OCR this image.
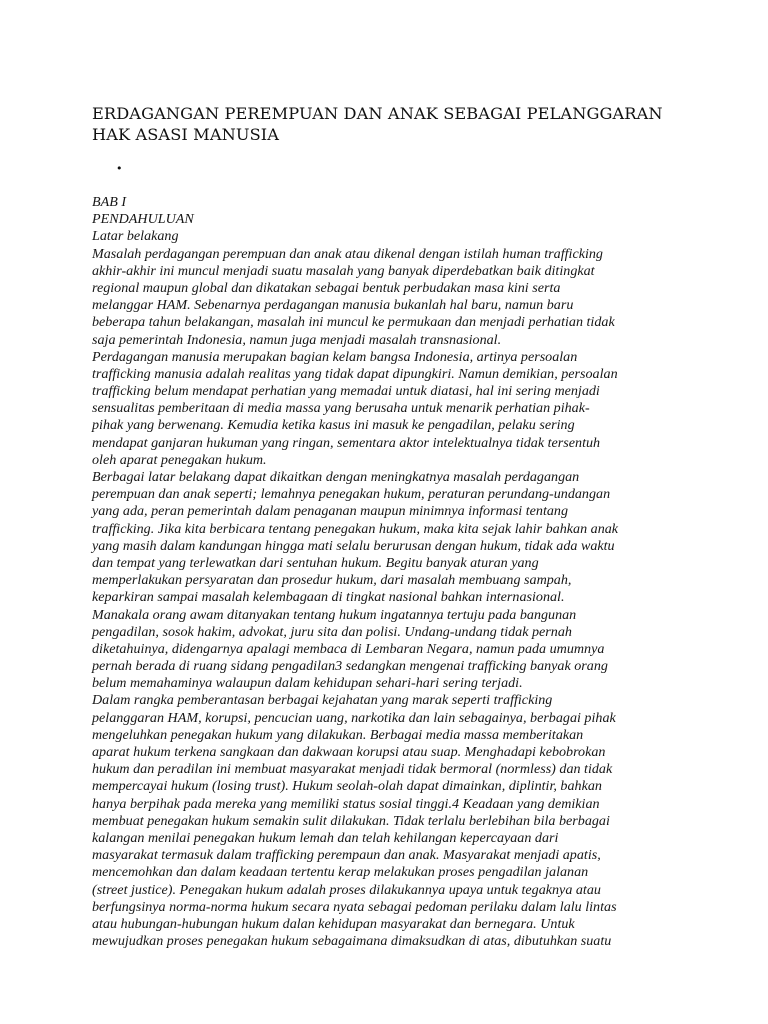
ERDAGANGAN PEREMPUAN DAN ANAK SEBAGAI PELANGGARAN
HAK ASASI MANUSIA
•
BAB I
PENDAHULUAN
Latar belakang
Masalah perdagangan perempuan dan anak atau dikenal dengan istilah human trafficking
akhir-akhir ini muncul menjadi suatu masalah yang banyak diperdebatkan baik ditingkat
regional maupun global dan dikatakan sebagai bentuk perbudakan masa kini serta
melanggar HAM. Sebenarnya perdagangan manusia bukanlah hal baru, namun baru
beberapa tahun belakangan, masalah ini muncul ke permukaan dan menjadi perhatian tidak
saja pemerintah Indonesia, namun juga menjadi masalah transnasional.
Perdagangan manusia merupakan bagian kelam bangsa Indonesia, artinya persoalan
trafficking manusia adalah realitas yang tidak dapat dipungkiri. Namun demikian, persoalan
trafficking belum mendapat perhatian yang memadai untuk diatasi, hal ini sering menjadi
sensualitas pemberitaan di media massa yang berusaha untuk menarik perhatian pihak-
pihak yang berwenang. Kemudia ketika kasus ini masuk ke pengadilan, pelaku sering
mendapat ganjaran hukuman yang ringan, sementara aktor intelektualnya tidak tersentuh
oleh aparat penegakan hukum.
Berbagai latar belakang dapat dikaitkan dengan meningkatnya masalah perdagangan
perempuan dan anak seperti; lemahnya penegakan hukum, peraturan perundang-undangan
yang ada, peran pemerintah dalam penaganan maupun minimnya informasi tentang
trafficking. Jika kita berbicara tentang penegakan hukum, maka kita sejak lahir bahkan anak
yang masih dalam kandungan hingga mati selalu berurusan dengan hukum, tidak ada waktu
dan tempat yang terlewatkan dari sentuhan hukum. Begitu banyak aturan yang
memperlakukan persyaratan dan prosedur hukum, dari masalah membuang sampah,
keparkiran sampai masalah kelembagaan di tingkat nasional bahkan internasional.
Manakala orang awam ditanyakan tentang hukum ingatannya tertuju pada bangunan
pengadilan, sosok hakim, advokat, juru sita dan polisi. Undang-undang tidak pernah
diketahuinya, didengarnya apalagi membaca di Lembaran Negara, namun pada umumnya
pernah berada di ruang sidang pengadilan3 sedangkan mengenai trafficking banyak orang
belum memahaminya walaupun dalam kehidupan sehari-hari sering terjadi.
Dalam rangka pemberantasan berbagai kejahatan yang marak seperti trafficking
pelanggaran HAM, korupsi, pencucian uang, narkotika dan lain sebagainya, berbagai pihak
mengeluhkan penegakan hukum yang dilakukan. Berbagai media massa memberitakan
aparat hukum terkena sangkaan dan dakwaan korupsi atau suap. Menghadapi kebobrokan
hukum dan peradilan ini membuat masyarakat menjadi tidak bermoral (normless) dan tidak
mempercayai hukum (losing trust). Hukum seolah-olah dapat dimainkan, diplintir, bahkan
hanya berpihak pada mereka yang memiliki status sosial tinggi.4 Keadaan yang demikian
membuat penegakan hukum semakin sulit dilakukan. Tidak terlalu berlebihan bila berbagai
kalangan menilai penegakan hukum lemah dan telah kehilangan kepercayaan dari
masyarakat termasuk dalam trafficking perempaun dan anak. Masyarakat menjadi apatis,
mencemohkan dan dalam keadaan tertentu kerap melakukan proses pengadilan jalanan
(street justice). Penegakan hukum adalah proses dilakukannya upaya untuk tegaknya atau
berfungsinya norma-norma hukum secara nyata sebagai pedoman perilaku dalam lalu lintas
atau hubungan-hubungan hukum dalan kehidupan masyarakat dan bernegara. Untuk
mewujudkan proses penegakan hukum sebagaimana dimaksudkan di atas, dibutuhkan suatu
